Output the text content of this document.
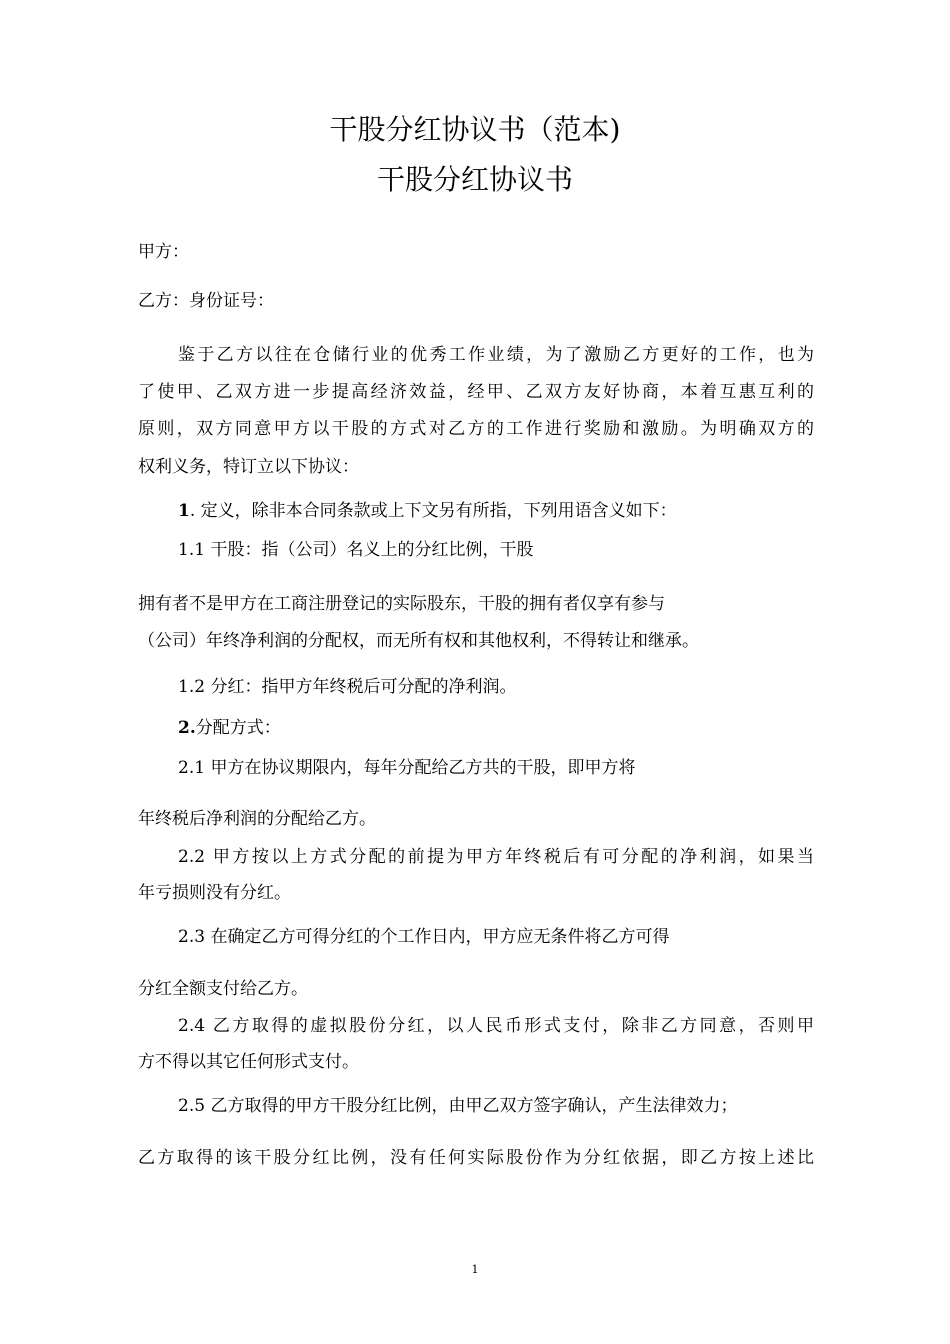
干股分红协议书（范本)
干股分红协议书
甲方：
乙方：身份证号：
鉴于乙方以往在仓储行业的优秀工作业绩，为了激励乙方更好的工作，也为
了使甲、乙双方进一步提高经济效益，经甲、乙双方友好协商，本着互惠互利的
原则，双方同意甲方以干股的方式对乙方的工作进行奖励和激励。为明确双方的
权利义务，特订立以下协议：
1. 定义，除非本合同条款或上下文另有所指，下列用语含义如下：
1.1 干股：指（公司）名义上的分红比例，干股
拥有者不是甲方在工商注册登记的实际股东，干股的拥有者仅享有参与
（公司）年终净利润的分配权，而无所有权和其他权利，不得转让和继承。
1.2 分红：指甲方年终税后可分配的净利润。
2.分配方式：
2.1 甲方在协议期限内，每年分配给乙方共的干股，即甲方将
年终税后净利润的分配给乙方。
2.2 甲方按以上方式分配的前提为甲方年终税后有可分配的净利润，如果当
年亏损则没有分红。
2.3 在确定乙方可得分红的个工作日内，甲方应无条件将乙方可得
分红全额支付给乙方。
2.4 乙方取得的虚拟股份分红，以人民币形式支付，除非乙方同意，否则甲
方不得以其它任何形式支付。
2.5 乙方取得的甲方干股分红比例，由甲乙双方签字确认，产生法律效力；
乙方取得的该干股分红比例，没有任何实际股份作为分红依据，即乙方按上述比
1
